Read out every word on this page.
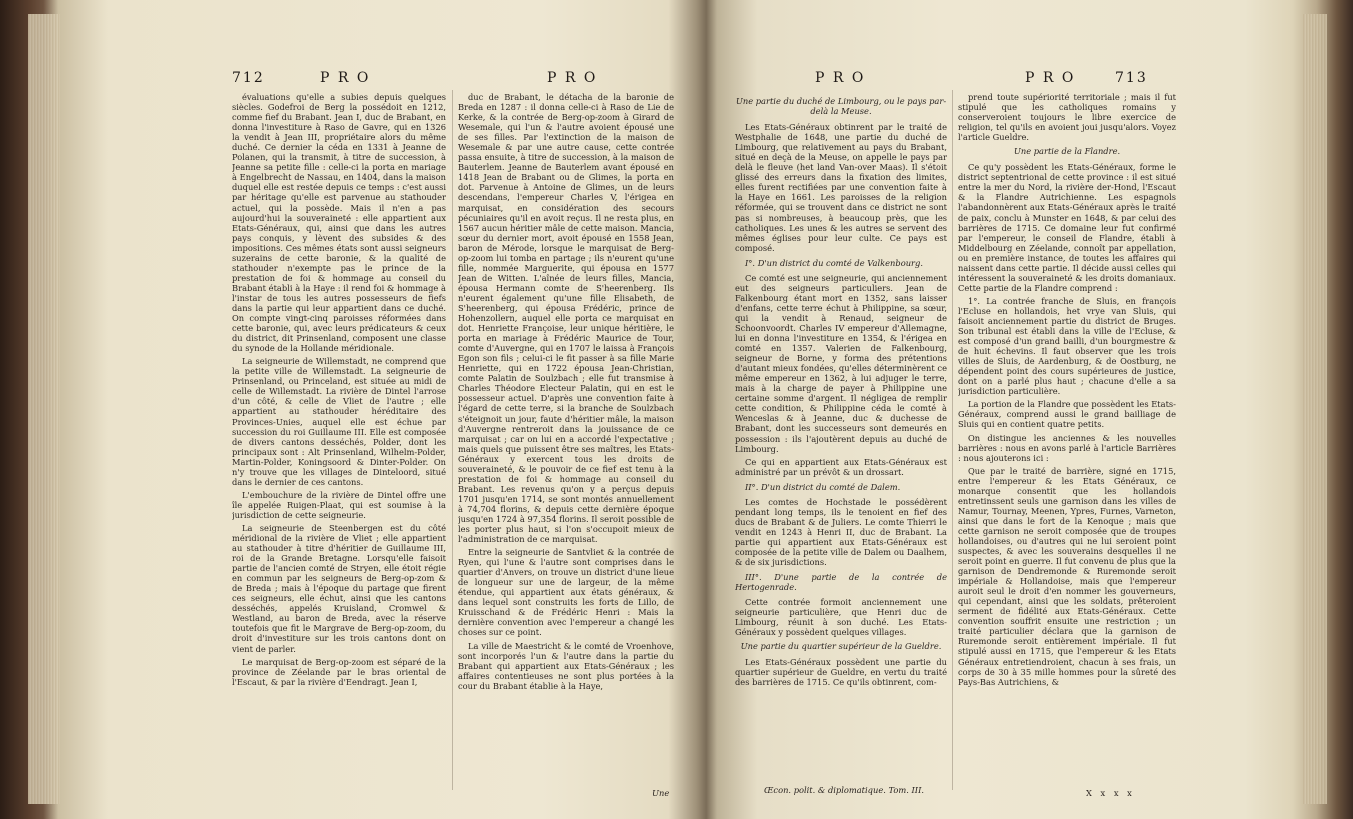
712	P R O	P R O	P R O	P R O	713

évaluations qu'elle a subies depuis quelques siècles. Godefroi de Berg la possédoit en 1212, comme fief du Brabant. Jean I, duc de Brabant, en donna l'investiture à Raso de Gavre, qui en 1326 la vendit à Jean III, propriétaire alors du même duché. Ce dernier la céda en 1331 à Jeanne de Polanen, qui la transmit, à titre de succession, à Jeanne sa petite fille : celle-ci la porta en mariage à Engelbrecht de Nassau, en 1404, dans la maison duquel elle est restée depuis ce temps : c'est aussi par héritage qu'elle est parvenue au stathouder actuel, qui la possède. Mais il n'en a pas aujourd'hui la souveraineté : elle appartient aux Etats-Généraux, qui, ainsi que dans les autres pays conquis, y lèvent des subsides & des impositions. Ces mêmes états sont aussi seigneurs suzerains de cette baronie, & la qualité de stathouder n'exempte pas le prince de la prestation de foi & hommage au conseil du Brabant établi à la Haye : il rend foi & hommage à l'instar de tous les autres possesseurs de fiefs dans la partie qui leur appartient dans ce duché. On compte vingt-cinq paroisses réformées dans cette baronie, qui, avec leurs prédicateurs & ceux du district, dit Prinsenland, composent une classe du synode de la Hollande méridionale.

La seigneurie de Willemstadt, ne comprend que la petite ville de Willemstadt. La seigneurie de Prinsenland, ou Princeland, est située au midi de celle de Willemstadt. La rivière de Dintel l'arrose d'un côté, & celle de Vliet de l'autre ; elle appartient au stathouder héréditaire des Provinces-Unies, auquel elle est échue par succession du roi Guillaume III. Elle est composée de divers cantons desséchés, Polder, dont les principaux sont : Alt Prinsenland, Wilhelm-Polder, Martin-Polder, Koningsoord & Dinter-Polder. On n'y trouve que les villages de Dinteloord, situé dans le dernier de ces cantons.

L'embouchure de la rivière de Dintel offre une île appelée Ruigen-Plaat, qui est soumise à la jurisdiction de cette seigneurie.

La seigneurie de Steenbergen est du côté méridional de la rivière de Vliet ; elle appartient au stathouder à titre d'héritier de Guillaume III, roi de la Grande Bretagne. Lorsqu'elle faisoit partie de l'ancien comté de Stryen, elle étoit régie en commun par les seigneurs de Berg-op-zom & de Breda ; mais à l'époque du partage que firent ces seigneurs, elle échut, ainsi que les cantons desséchés, appelés Kruisland, Cromwel & Westland, au baron de Breda, avec la réserve toutefois que fit le Margrave de Berg-op-zoom, du droit d'investiture sur les trois cantons dont on vient de parler.

Le marquisat de Berg-op-zoom est séparé de la province de Zéelande par le bras oriental de l'Escaut, & par la rivière d'Eendragt. Jean I,

duc de Brabant, le détacha de la baronie de Breda en 1287 : il donna celle-ci à Raso de Lie de Kerke, & la contrée de Berg-op-zoom à Girard de Wesemale, qui l'un & l'autre avoient épousé une de ses filles. Par l'extinction de la maison de Wesemale & par une autre cause, cette contrée passa ensuite, à titre de succession, à la maison de Bauterlem. Jeanne de Bauterlem avant épousé en 1418 Jean de Brabant ou de Glimes, la porta en dot. Parvenue à Antoine de Glimes, un de leurs descendans, l'empereur Charles V, l'érigea en marquisat, en considération des secours pécuniaires qu'il en avoit reçus. Il ne resta plus, en 1567 aucun héritier mâle de cette maison. Mancia, sœur du dernier mort, avoit épousé en 1558 Jean, baron de Mérode, lorsque le marquisat de Berg-op-zoom lui tomba en partage ; ils n'eurent qu'une fille, nommée Marguerite, qui épousa en 1577 Jean de Witten. L'aînée de leurs filles, Mancia, épousa Hermann comte de S'heerenberg. Ils n'eurent également qu'une fille Elisabeth, de S'heerenberg, qui épousa Frédéric, prince de Hohenzollern, auquel elle porta ce marquisat en dot. Henriette Françoise, leur unique héritière, le porta en mariage à Frédéric Maurice de Tour, comte d'Auvergne, qui en 1707 le laissa à François Egon son fils ; celui-ci le fit passer à sa fille Marie Henriette, qui en 1722 épousa Jean-Christian, comte Palatin de Soulzbach ; elle fut transmise à Charles Théodore Electeur Palatin, qui en est le possesseur actuel. D'après une convention faite à l'égard de cette terre, si la branche de Soulzbach s'éteignoit un jour, faute d'héritier mâle, la maison d'Auvergne rentreroit dans la jouissance de ce marquisat ; car on lui en a accordé l'expectative ; mais quels que puissent être ses maîtres, les Etats-Généraux y exercent tous les droits de souveraineté, & le pouvoir de ce fief est tenu à la prestation de foi & hommage au conseil du Brabant. Les revenus qu'on y a perçus depuis 1701 jusqu'en 1714, se sont montés annuellement à 74,704 florins, & depuis cette dernière époque jusqu'en 1724 à 97,354 florins. Il seroit possible de les porter plus haut, si l'on s'occupoit mieux de l'administration de ce marquisat.

Entre la seigneurie de Santvliet & la contrée de Ryen, qui l'une & l'autre sont comprises dans le quartier d'Anvers, on trouve un district d'une lieue de longueur sur une de largeur, de la même étendue, qui appartient aux états généraux, & dans lequel sont construits les forts de Lillo, de Kruisschand & de Frédéric Henri : Mais la dernière convention avec l'empereur a changé les choses sur ce point.

La ville de Maestricht & le comté de Vroenhove, sont incorporés l'un & l'autre dans la partie du Brabant qui appartient aux Etats-Généraux ; les affaires contentieuses ne sont plus portées à la cour du Brabant établie à la Haye,

Une partie du duché de Limbourg, ou le pays par-delà la Meuse.

Les Etats-Généraux obtinrent par le traité de Westphalie de 1648, une partie du duché de Limbourg, que relativement au pays du Brabant, situé en deçà de la Meuse, on appelle le pays par delà le fleuve (het land Van-over Maas). Il s'étoit glissé des erreurs dans la fixation des limites, elles furent rectifiées par une convention faite à la Haye en 1661. Les paroisses de la religion réformée, qui se trouvent dans ce district ne sont pas si nombreuses, à beaucoup près, que les catholiques. Les unes & les autres se servent des mêmes églises pour leur culte. Ce pays est composé.

I°. D'un district du comté de Valkenbourg.

Ce comté est une seigneurie, qui anciennement eut des seigneurs particuliers. Jean de Falkenbourg étant mort en 1352, sans laisser d'enfans, cette terre échut à Philippine, sa sœur, qui la vendit à Renaud, seigneur de Schoonvoordt. Charles IV empereur d'Allemagne, lui en donna l'investiture en 1354, & l'érigea en comté en 1357. Valerien de Falkenbourg, seigneur de Borne, y forma des prétentions d'autant mieux fondées, qu'elles déterminèrent ce même empereur en 1362, à lui adjuger le terre, mais à la charge de payer à Philippine une certaine somme d'argent. Il négligea de remplir cette condition, & Philippine céda le comté à Wenceslas & à Jeanne, duc & duchesse de Brabant, dont les successeurs sont demeurés en possession : ils l'ajoutèrent depuis au duché de Limbourg.

Ce qui en appartient aux Etats-Généraux est administré par un prévôt & un drossart.

II°. D'un district du comté de Dalem.

Les comtes de Hochstade le possédèrent pendant long temps, ils le tenoient en fief des ducs de Brabant & de Juliers. Le comte Thierri le vendit en 1243 à Henri II, duc de Brabant. La partie qui appartient aux Etats-Généraux est composée de la petite ville de Dalem ou Daalhem, & de six jurisdictions.

III°. D'une partie de la contrée de Hertogenrade.

Cette contrée formoit anciennement une seigneurie particulière, que Henri duc de Limbourg, réunit à son duché. Les Etats-Généraux y possèdent quelques villages.

Une partie du quartier supérieur de la Gueldre.

Les Etats-Généraux possèdent une partie du quartier supérieur de Gueldre, en vertu du traité des barrières de 1715. Ce qu'ils obtinrent, com-

prend toute supériorité territoriale ; mais il fut stipulé que les catholiques romains y conserveroient toujours le libre exercice de religion, tel qu'ils en avoient joui jusqu'alors. Voyez l'article Gueldre.

Une partie de la Flandre.

Ce qu'y possèdent les Etats-Généraux, forme le district septentrional de cette province : il est situé entre la mer du Nord, la rivière der-Hond, l'Escaut & la Flandre Autrichienne. Les espagnols l'abandonnèrent aux Etats-Généraux après le traité de paix, conclu à Munster en 1648, & par celui des barrières de 1715. Ce domaine leur fut confirmé par l'empereur, le conseil de Flandre, établi à Middelbourg en Zéelande, connoît par appellation, ou en première instance, de toutes les affaires qui naissent dans cette partie. Il décide aussi celles qui intéressent la souveraineté & les droits domaniaux. Cette partie de la Flandre comprend :

1°. La contrée franche de Sluis, en françois l'Ecluse en hollandois, het vrye van Sluis, qui faisoit anciennement partie du district de Bruges. Son tribunal est établi dans la ville de l'Ecluse, & est composé d'un grand bailli, d'un bourgmestre & de huit échevins. Il faut observer que les trois villes de Sluis, de Aardenburg, & de Oostburg, ne dépendent point des cours supérieures de justice, dont on a parlé plus haut ; chacune d'elle a sa jurisdiction particulière.

La portion de la Flandre que possèdent les Etats-Généraux, comprend aussi le grand bailliage de Sluis qui en contient quatre petits.

On distingue les anciennes & les nouvelles barrières : nous en avons parlé à l'article Barrières : nous ajouterons ici :

Que par le traité de barrière, signé en 1715, entre l'empereur & les Etats Généraux, ce monarque consentit que les hollandois entretinssent seuls une garnison dans les villes de Namur, Tournay, Meenen, Ypres, Furnes, Varneton, ainsi que dans le fort de la Kenoque ; mais que cette garnison ne seroit composée que de troupes hollandoises, ou d'autres qui ne lui seroient point suspectes, & avec les souverains desquelles il ne seroit point en guerre. Il fut convenu de plus que la garnison de Dendremonde & Ruremonde seroit impériale & Hollandoise, mais que l'empereur auroit seul le droit d'en nommer les gouverneurs, qui cependant, ainsi que les soldats, prêteroient serment de fidélité aux Etats-Généraux. Cette convention souffrit ensuite une restriction ; un traité particulier déclara que la garnison de Ruremonde seroit entièrement impériale. Il fut stipulé aussi en 1715, que l'empereur & les Etats Généraux entretiendroient, chacun à ses frais, un corps de 30 à 35 mille hommes pour la sûreté des Pays-Bas Autrichiens, &

Une	Œcon. polit. & diplomatique. Tom. III.	X x x x
